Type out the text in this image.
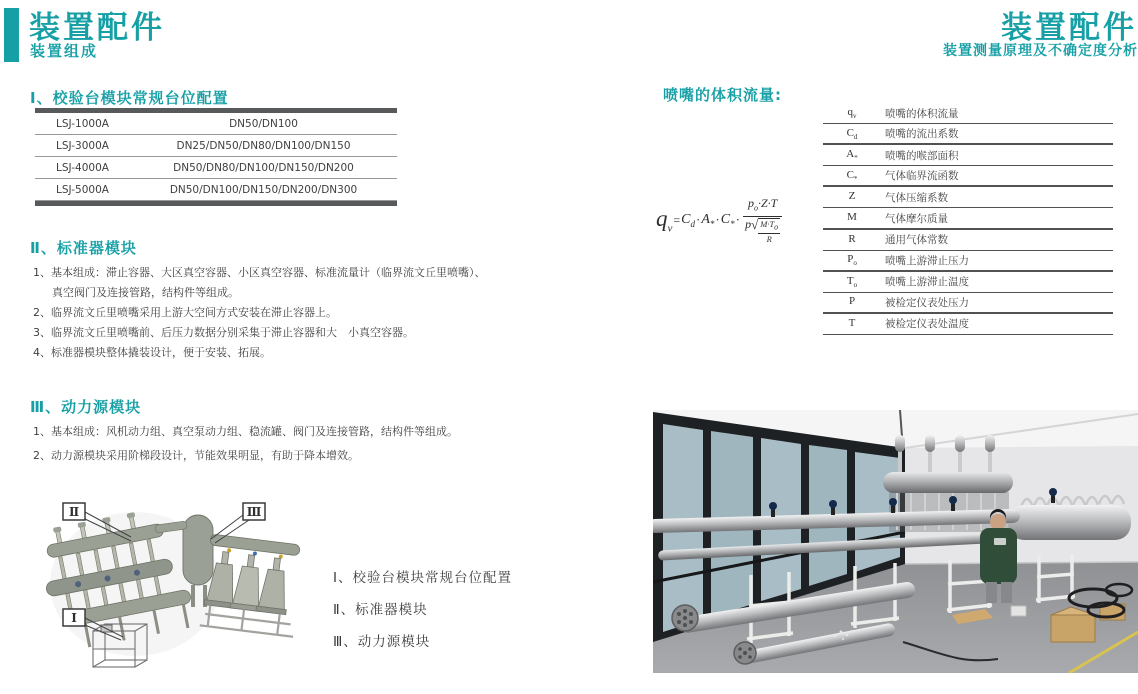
装置配件
装置组成
装置配件
装置测量原理及不确定度分析
Ⅰ、校验台模块常规台位配置
LSJ-1000A	DN50/DN100
LSJ-3000A	DN25/DN50/DN80/DN100/DN150
LSJ-4000A	DN50/DN80/DN100/DN150/DN200
LSJ-5000A	DN50/DN100/DN150/DN200/DN300
Ⅱ、标准器模块
1、基本组成：滞止容器、大区真空容器、小区真空容器、标准流量计（临界流文丘里喷嘴）、
真空阀门及连接管路，结构件等组成。
2、临界流文丘里喷嘴采用上游大空间方式安装在滞止容器上。
3、临界流文丘里喷嘴前、后压力数据分别采集于滞止容器和大　小真空容器。
4、标准器模块整体撬装设计，便于安装、拓展。
Ⅲ、动力源模块
1、基本组成：风机动力组、真空泵动力组、稳流罐、阀门及连接管路，结构件等组成。
2、动力源模块采用阶梯段设计，节能效果明显，有助于降本增效。
Ⅱ	Ⅲ
Ⅰ
Ⅰ、校验台模块常规台位配置
Ⅱ、标准器模块
Ⅲ、动力源模块
喷嘴的体积流量:
$q_v$
= $C_d \cdot A_* \cdot C_* \cdot \frac{p_o\cdot Z\cdot T}{p √ \frac{M\cdot T_o}{R}}$
$q_v$	喷嘴的体积流量
$C_d$	喷嘴的流出系数
$A_*$	喷嘴的喉部面积
$C_*$	气体临界流函数
Z	气体压缩系数
M	气体摩尔质量
R	通用气体常数
$P_o$	喷嘴上游滞止压力
$T_o$	喷嘴上游滞止温度
P	被检定仪表处压力
T	被检定仪表处温度
